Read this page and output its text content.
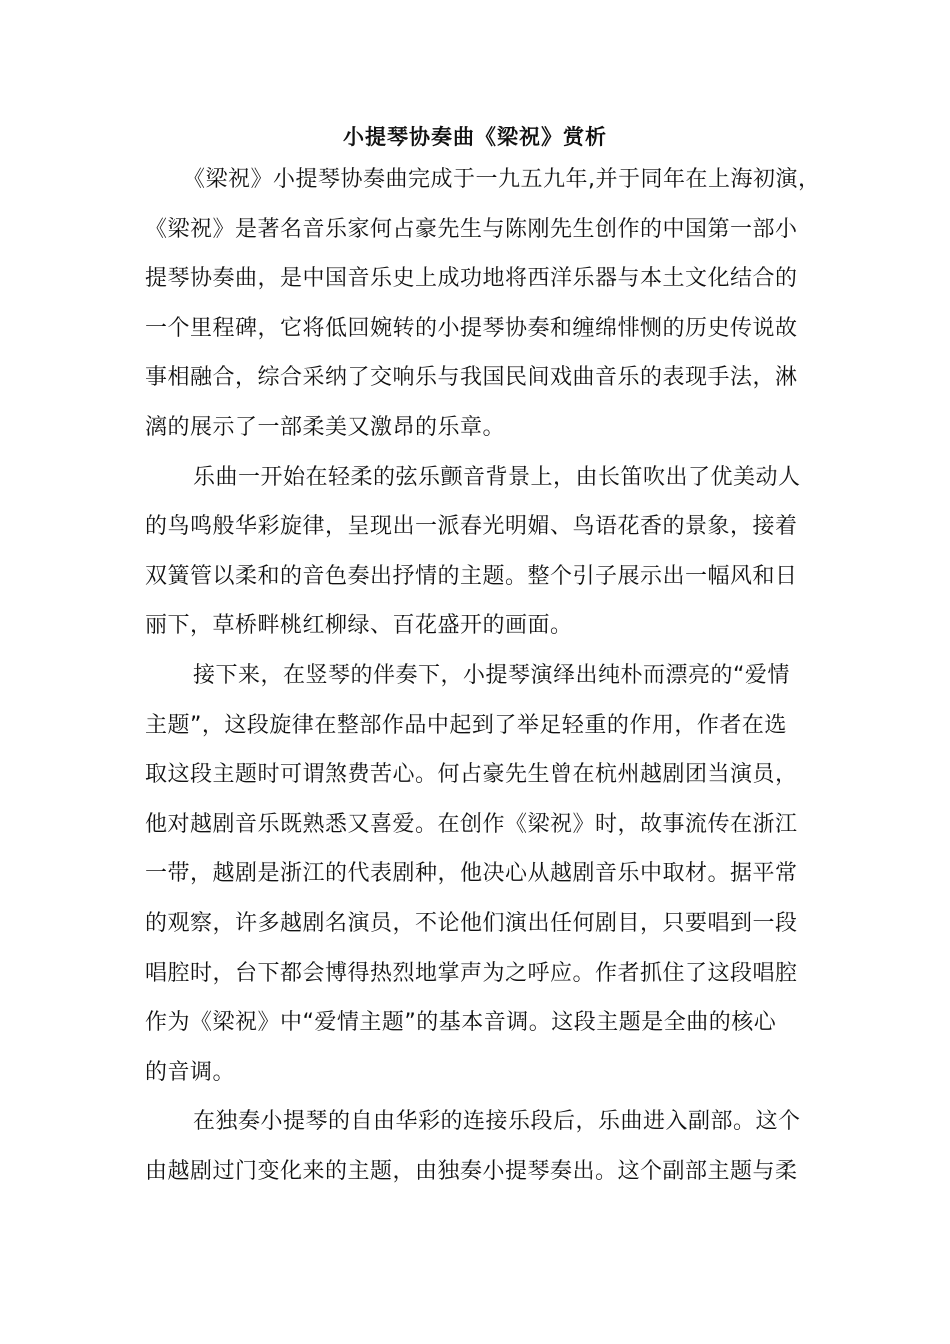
小提琴协奏曲《梁祝》赏析
《梁祝》小提琴协奏曲完成于一九五九年,并于同年在上海初演，
《梁祝》是著名音乐家何占豪先生与陈刚先生创作的中国第一部小
提琴协奏曲，是中国音乐史上成功地将西洋乐器与本土文化结合的
一个里程碑，它将低回婉转的小提琴协奏和缠绵悱恻的历史传说故
事相融合，综合采纳了交响乐与我国民间戏曲音乐的表现手法，淋
漓的展示了一部柔美又激昂的乐章。
乐曲一开始在轻柔的弦乐颤音背景上，由长笛吹出了优美动人
的鸟鸣般华彩旋律，呈现出一派春光明媚、鸟语花香的景象，接着
双簧管以柔和的音色奏出抒情的主题。整个引子展示出一幅风和日
丽下，草桥畔桃红柳绿、百花盛开的画面。
接下来，在竖琴的伴奏下，小提琴演绎出纯朴而漂亮的“爱情
主题”，这段旋律在整部作品中起到了举足轻重的作用，作者在选
取这段主题时可谓煞费苦心。何占豪先生曾在杭州越剧团当演员，
他对越剧音乐既熟悉又喜爱。在创作《梁祝》时，故事流传在浙江
一带，越剧是浙江的代表剧种，他决心从越剧音乐中取材。据平常
的观察，许多越剧名演员，不论他们演出任何剧目，只要唱到一段
唱腔时，台下都会博得热烈地掌声为之呼应。作者抓住了这段唱腔
作为《梁祝》中“爱情主题”的基本音调。这段主题是全曲的核心
的音调。
在独奏小提琴的自由华彩的连接乐段后，乐曲进入副部。这个
由越剧过门变化来的主题，由独奏小提琴奏出。这个副部主题与柔
